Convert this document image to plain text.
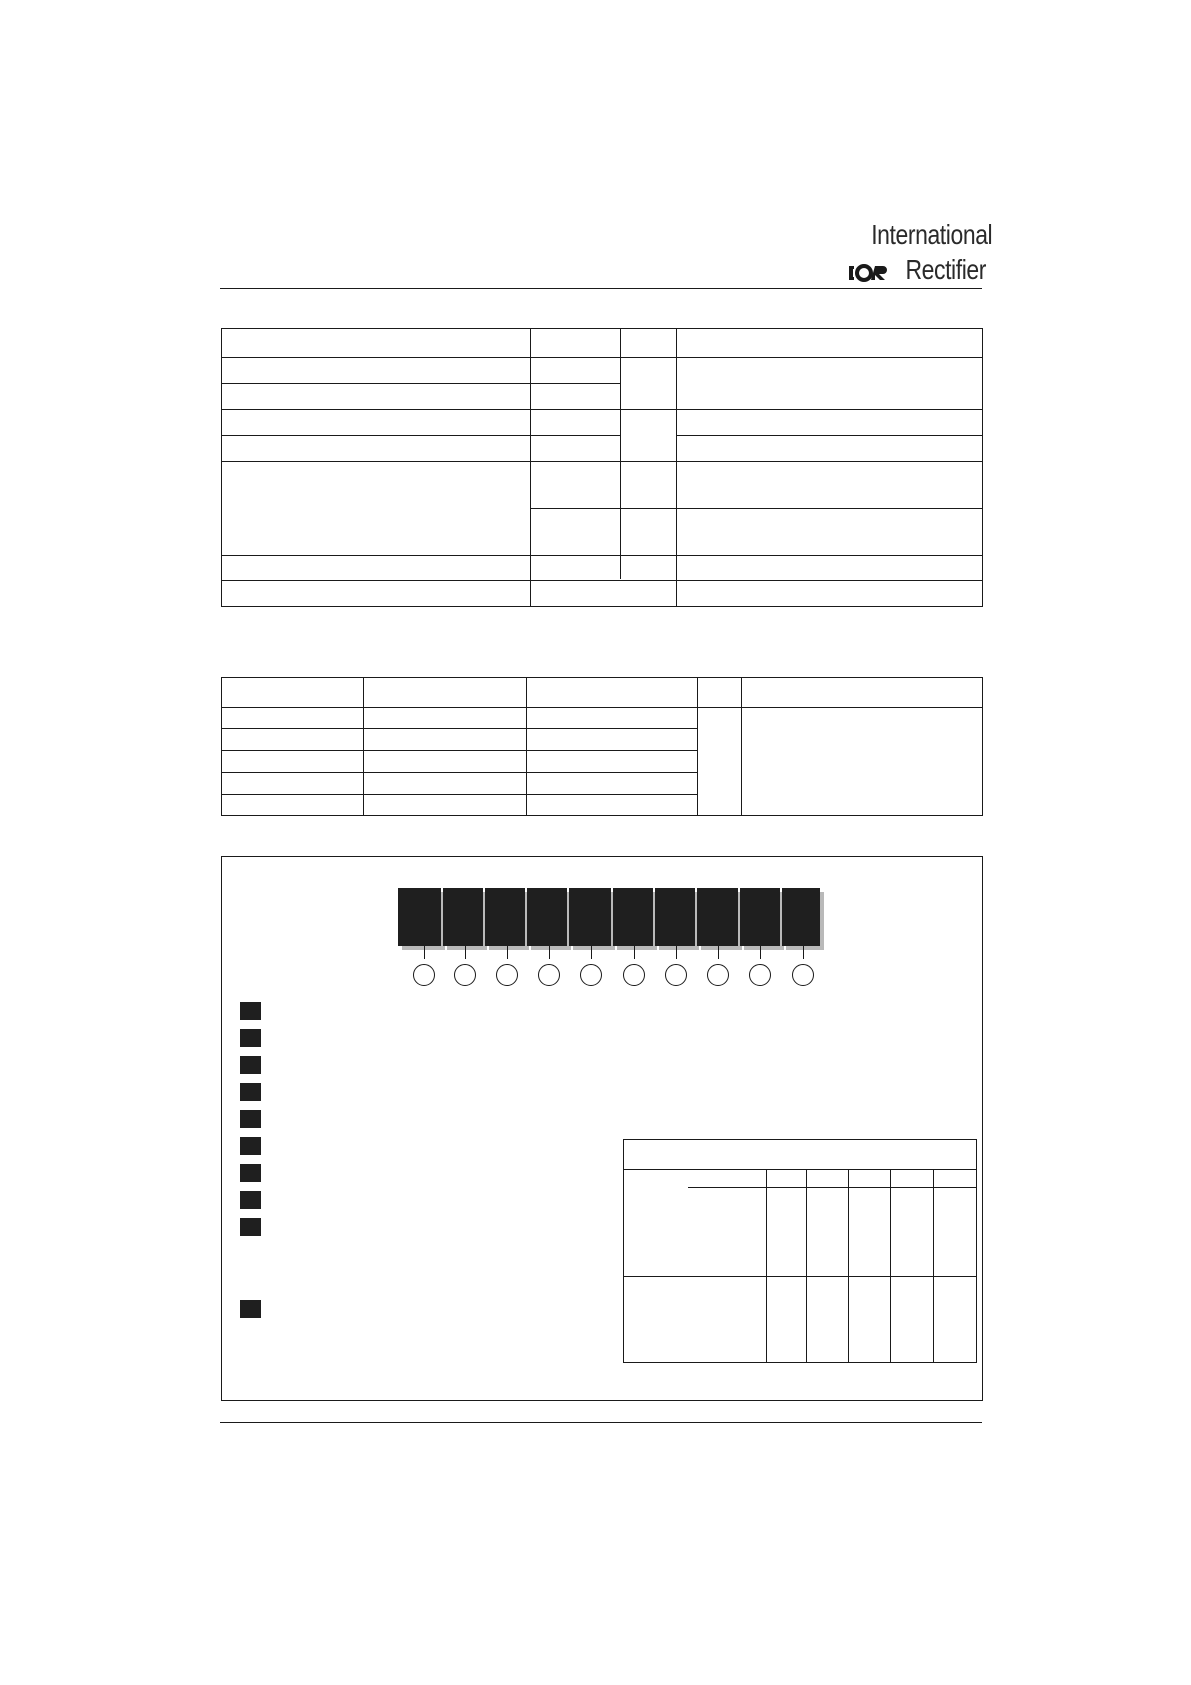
International
Rectifier
